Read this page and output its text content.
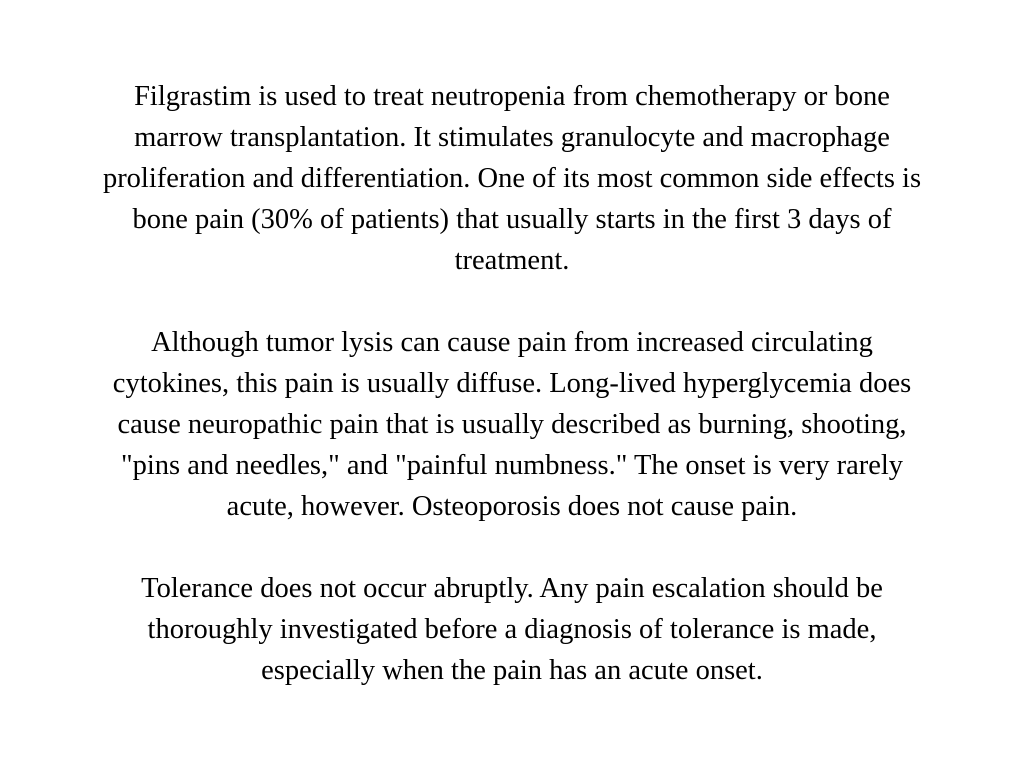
Filgrastim is used to treat neutropenia from chemotherapy or bone marrow transplantation. It stimulates granulocyte and macrophage proliferation and differentiation. One of its most common side effects is bone pain (30% of patients) that usually starts in the first 3 days of treatment.

Although tumor lysis can cause pain from increased circulating cytokines, this pain is usually diffuse. Long-lived hyperglycemia does cause neuropathic pain that is usually described as burning, shooting, "pins and needles," and "painful numbness." The onset is very rarely acute, however. Osteoporosis does not cause pain.

Tolerance does not occur abruptly. Any pain escalation should be thoroughly investigated before a diagnosis of tolerance is made, especially when the pain has an acute onset.
